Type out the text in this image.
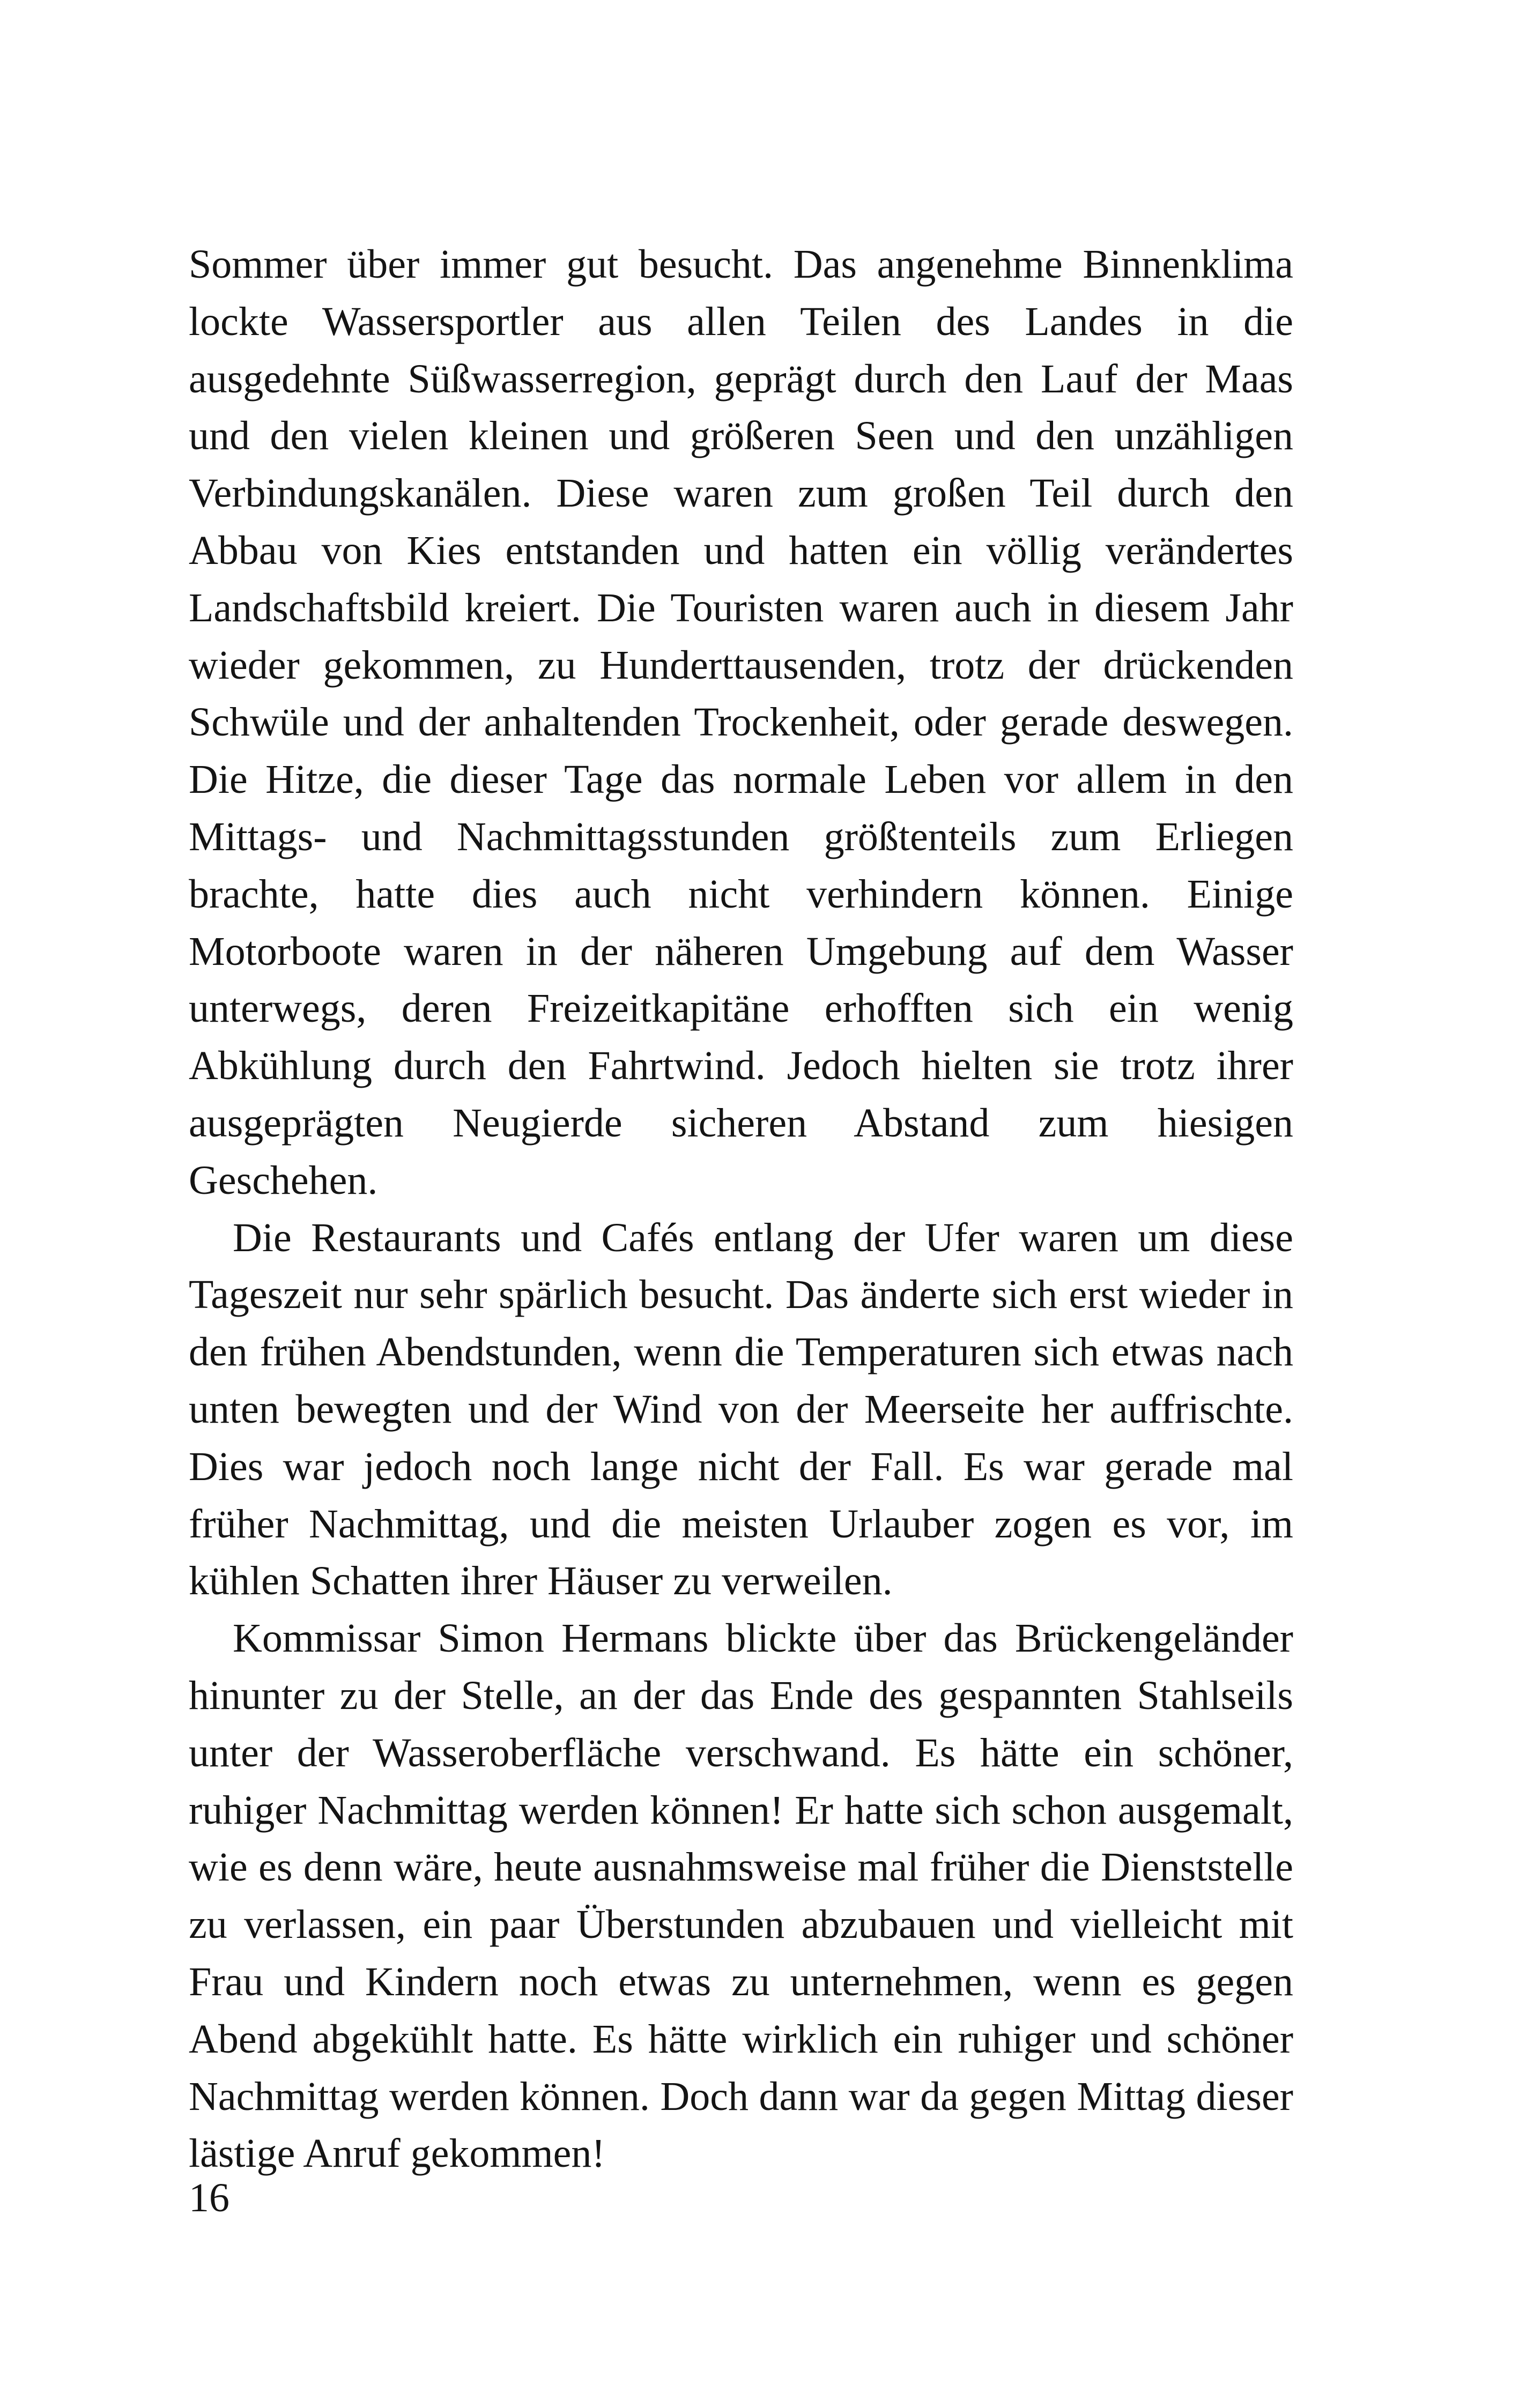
Sommer über immer gut besucht. Das angenehme Binnenklima lockte Wassersportler aus allen Teilen des Landes in die ausgedehnte Süßwasserregion, geprägt durch den Lauf der Maas und den vielen kleinen und größeren Seen und den unzähligen Verbindungskanälen. Diese waren zum großen Teil durch den Abbau von Kies entstanden und hatten ein völlig verändertes Landschaftsbild kreiert. Die Touristen waren auch in diesem Jahr wieder gekommen, zu Hunderttausenden, trotz der drückenden Schwüle und der anhaltenden Trockenheit, oder gerade deswegen. Die Hitze, die dieser Tage das normale Leben vor allem in den Mittags- und Nachmittagsstunden größtenteils zum Erliegen brachte, hatte dies auch nicht verhindern können. Einige Motorboote waren in der näheren Umgebung auf dem Wasser unterwegs, deren Freizeitkapitäne erhofften sich ein wenig Abkühlung durch den Fahrtwind. Jedoch hielten sie trotz ihrer ausgeprägten Neugierde sicheren Abstand zum hiesigen Geschehen.

Die Restaurants und Cafés entlang der Ufer waren um diese Tageszeit nur sehr spärlich besucht. Das änderte sich erst wieder in den frühen Abendstunden, wenn die Temperaturen sich etwas nach unten bewegten und der Wind von der Meerseite her auffrischte. Dies war jedoch noch lange nicht der Fall. Es war gerade mal früher Nachmittag, und die meisten Urlauber zogen es vor, im kühlen Schatten ihrer Häuser zu verweilen.

Kommissar Simon Hermans blickte über das Brückengeländer hinunter zu der Stelle, an der das Ende des gespannten Stahlseils unter der Wasseroberfläche verschwand. Es hätte ein schöner, ruhiger Nachmittag werden können! Er hatte sich schon ausgemalt, wie es denn wäre, heute ausnahmsweise mal früher die Dienststelle zu verlassen, ein paar Überstunden abzubauen und vielleicht mit Frau und Kindern noch etwas zu unternehmen, wenn es gegen Abend abgekühlt hatte. Es hätte wirklich ein ruhiger und schöner Nachmittag werden können. Doch dann war da gegen Mittag dieser lästige Anruf gekommen!

16
